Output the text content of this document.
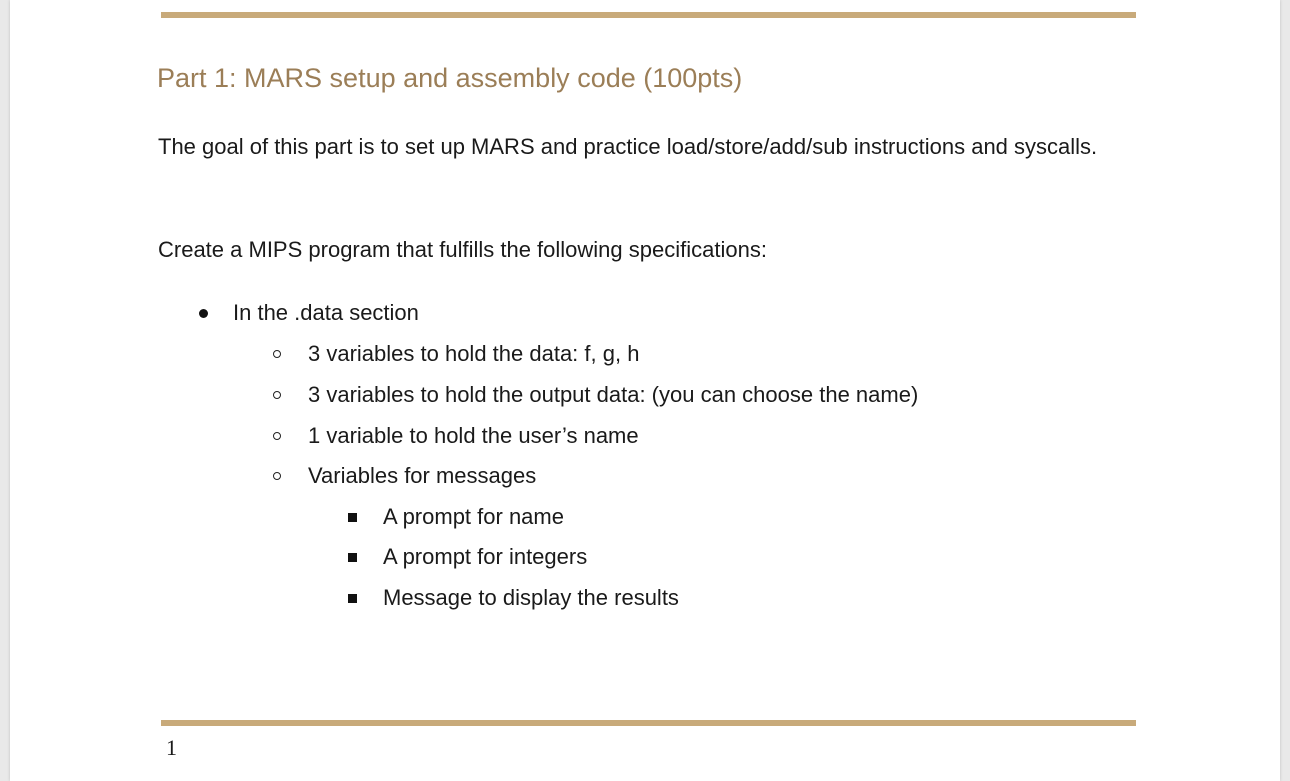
Part 1: MARS setup and assembly code (100pts)

The goal of this part is to set up MARS and practice load/store/add/sub instructions and syscalls.

Create a MIPS program that fulfills the following specifications:

In the .data section
3 variables to hold the data: f, g, h
3 variables to hold the output data: (you can choose the name)
1 variable to hold the user’s name
Variables for messages
A prompt for name
A prompt for integers
Message to display the results
1
